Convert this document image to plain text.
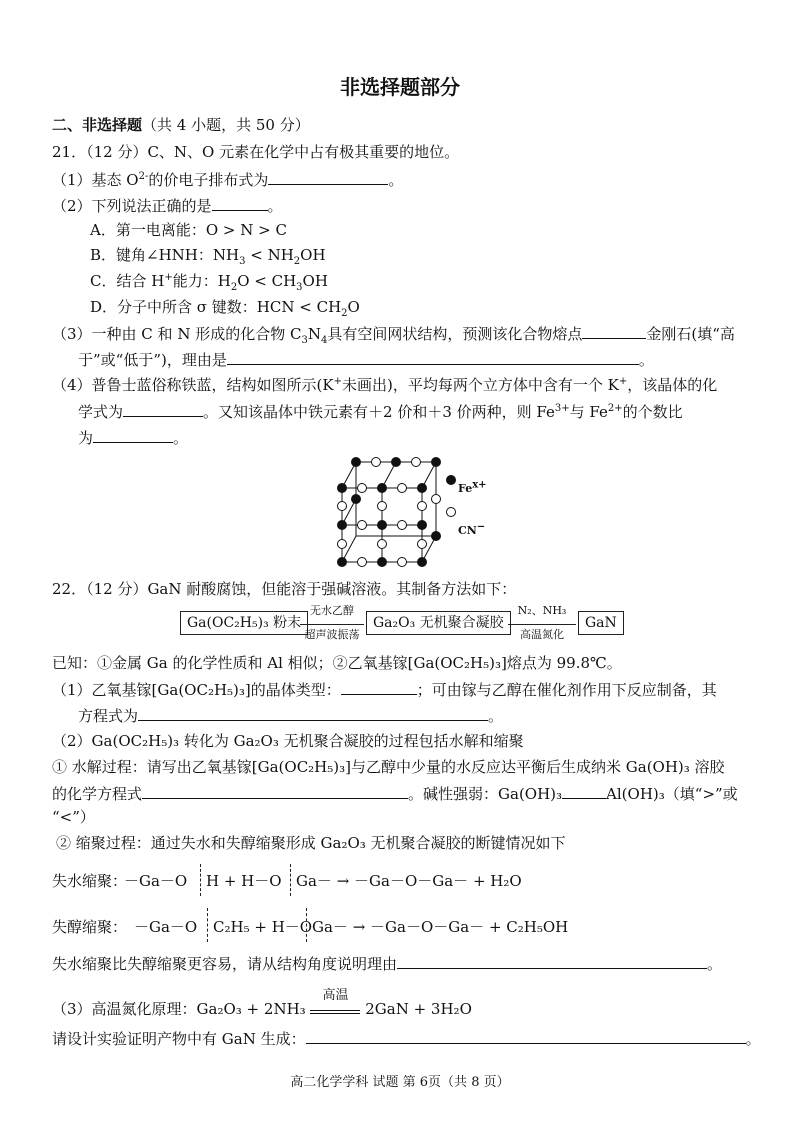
非选择题部分
二、非选择题（共 4 小题，共 50 分）
21．（12 分）C、N、O 元素在化学中占有极其重要的地位。
（1）基态 $O^{2-}$的价电子排布式为	。
（2）下列说法正确的是	。
A．第一电离能：O > N > C
B．键角∠HNH：$NH_3 < NH_2OH$
C．结合 H+能力：$H_2O < CH_3OH$
D．分子中所含 σ 键数：HCN < $CH_2O$
（3）一种由 C 和 N 形成的化合物 $C_3N_4$具有空间网状结构，预测该化合物熔点	金刚石(填“高
于”或“低于”)，理由是	。
（4）普鲁士蓝俗称铁蓝，结构如图所示(K+未画出)，平均每两个立方体中含有一个 K+，该晶体的化
学式为	。又知该晶体中铁元素有＋2 价和＋3 价两种，则 $Fe^{3+}$与 $Fe^{2+}$的个数比
为	。
$Fe^{x+}$
CN−
22．（12 分）GaN 耐酸腐蚀，但能溶于强碱溶液。其制备方法如下：
Ga(OC₂H₅)₃ 粉末
无水乙醇
超声波振荡
Ga₂O₃ 无机聚合凝胶
N₂、NH₃
高温氮化
GaN
已知：①金属 Ga 的化学性质和 Al 相似；②乙氧基镓[Ga(OC₂H₅)₃]熔点为 99.8℃。
（1）乙氧基镓[Ga(OC₂H₅)₃]的晶体类型：	；可由镓与乙醇在催化剂作用下反应制备，其
方程式为	。
（2）Ga(OC₂H₅)₃ 转化为 Ga₂O₃ 无机聚合凝胶的过程包括水解和缩聚
① 水解过程：请写出乙氧基镓[Ga(OC₂H₅)₃]与乙醇中少量的水反应达平衡后生成纳米 Ga(OH)₃ 溶胶
的化学方程式	。碱性强弱：Ga(OH)₃	Al(OH)₃（填“>”或
“<”）
② 缩聚过程：通过失水和失醇缩聚形成 Ga₂O₃ 无机聚合凝胶的断键情况如下
失水缩聚：
－Ga－O H + H－O Ga－ → －Ga－O－Ga－ + H₂O
失醇缩聚： －Ga－O C₂H₅ + H－O Ga－ → －Ga－O－Ga－ + C₂H₅OH
失水缩聚比失醇缩聚更容易，请从结构角度说明理由	。
（3）高温氮化原理：Ga₂O₃ + 2NH₃
高温
2GaN + 3H₂O
请设计实验证明产物中有 GaN 生成：	。
高二化学学科 试题 第 6页（共 8 页）
